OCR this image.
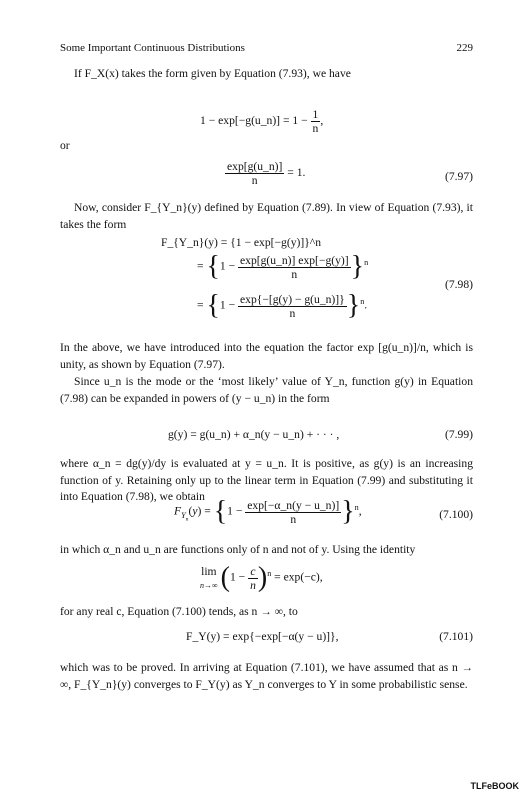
Some Important Continuous Distributions	229
If F_X(x) takes the form given by Equation (7.93), we have
1 − exp[−g(u_n)] = $1 - \frac{1}{n}$ ,
or
$\frac{\exp[g(u\_n)]}{n} = 1$.	(7.97)
Now, consider F_{Y_n}(y) defined by Equation (7.89). In view of Equation (7.93), it takes the form
F_{Y_n}(y) = {1 − exp[−g(y)]}^n
= $\{1 - \frac{\exp[g(u\_n)] \exp[-g(y)]}{n} \}^n$
= $\{1 - \frac{\exp\{-[g(y) - g(u\_n)]\}}{n} \}^n$.
(7.98)
In the above, we have introduced into the equation the factor exp [g(u_n)]/n, which is unity, as shown by Equation (7.97).
Since u_n is the mode or the ‘most likely’ value of Y_n, function g(y) in Equation (7.98) can be expanded in powers of (y − u_n) in the form
g(y) = g(u_n) + α_n(y − u_n) + · · · ,	(7.99)
where α_n = dg(y)/dy is evaluated at y = u_n. It is positive, as g(y) is an increasing function of y. Retaining only up to the linear term in Equation (7.99) and substituting it into Equation (7.98), we obtain
$F_{Y_n}(y) = \{1 - \frac{\exp[-\alpha\_n(y - u\_n)]}{n} \}^n$,	(7.100)
in which α_n and u_n are functions only of n and not of y. Using the identity
lim
n→∞ $(1 - \frac{c}{n} )^n = \exp(-c)$,
for any real c, Equation (7.100) tends, as n → ∞, to
F_Y(y) = exp{−exp[−α(y − u)]},	(7.101)
which was to be proved. In arriving at Equation (7.101), we have assumed that as n → ∞, F_{Y_n}(y) converges to F_Y(y) as Y_n converges to Y in some probabilistic sense.
TLFeBOOK
